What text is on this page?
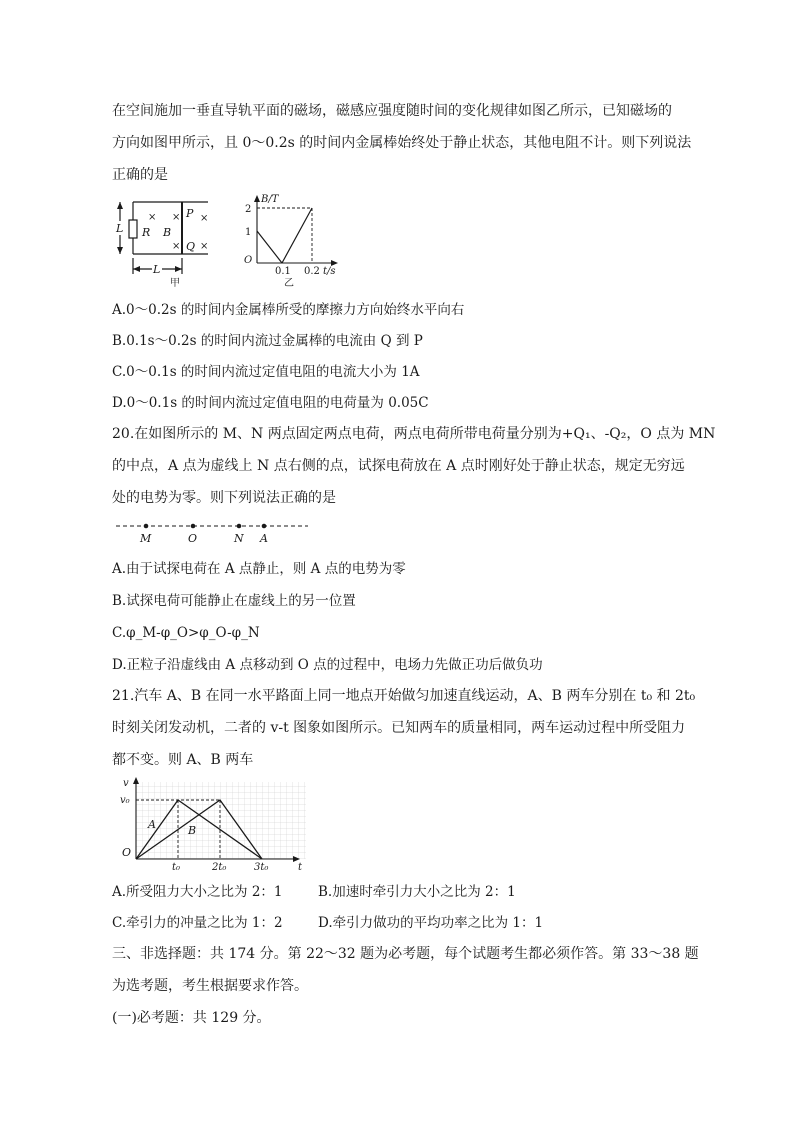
在空间施加一垂直导轨平面的磁场，磁感应强度随时间的变化规律如图乙所示，已知磁场的
方向如图甲所示，且 0～0.2s 的时间内金属棒始终处于静止状态，其他电阻不计。则下列说法
正确的是
L R B
P
Q
L
× × ×
× ×
甲
B/T
2
1
O
0.1 0.2 t/s
乙
A.0～0.2s 的时间内金属棒所受的摩擦力方向始终水平向右
B.0.1s～0.2s 的时间内流过金属棒的电流由 Q 到 P
C.0～0.1s 的时间内流过定值电阻的电流大小为 1A
D.0～0.1s 的时间内流过定值电阻的电荷量为 0.05C
20.在如图所示的 M、N 两点固定两点电荷，两点电荷所带电荷量分别为+Q₁、-Q₂，O 点为 MN
的中点，A 点为虚线上 N 点右侧的点，试探电荷放在 A 点时刚好处于静止状态，规定无穷远
处的电势为零。则下列说法正确的是
M	O	N A
A.由于试探电荷在 A 点静止，则 A 点的电势为零
B.试探电荷可能静止在虚线上的另一位置
C.φ_M-φ_O>φ_O-φ_N
D.正粒子沿虚线由 A 点移动到 O 点的过程中，电场力先做正功后做负功
21.汽车 A、B 在同一水平路面上同一地点开始做匀加速直线运动，A、B 两车分别在 t₀ 和 2t₀
时刻关闭发动机，二者的 v-t 图象如图所示。已知两车的质量相同，两车运动过程中所受阻力
都不变。则 A、B 两车
v
v₀
O
t₀	2t₀	3t₀	t
A	B
A.所受阻力大小之比为 2：1	B.加速时牵引力大小之比为 2：1
C.牵引力的冲量之比为 1：2	D.牵引力做功的平均功率之比为 1：1
三、非选择题：共 174 分。第 22～32 题为必考题，每个试题考生都必须作答。第 33～38 题
为选考题，考生根据要求作答。
(一)必考题：共 129 分。
